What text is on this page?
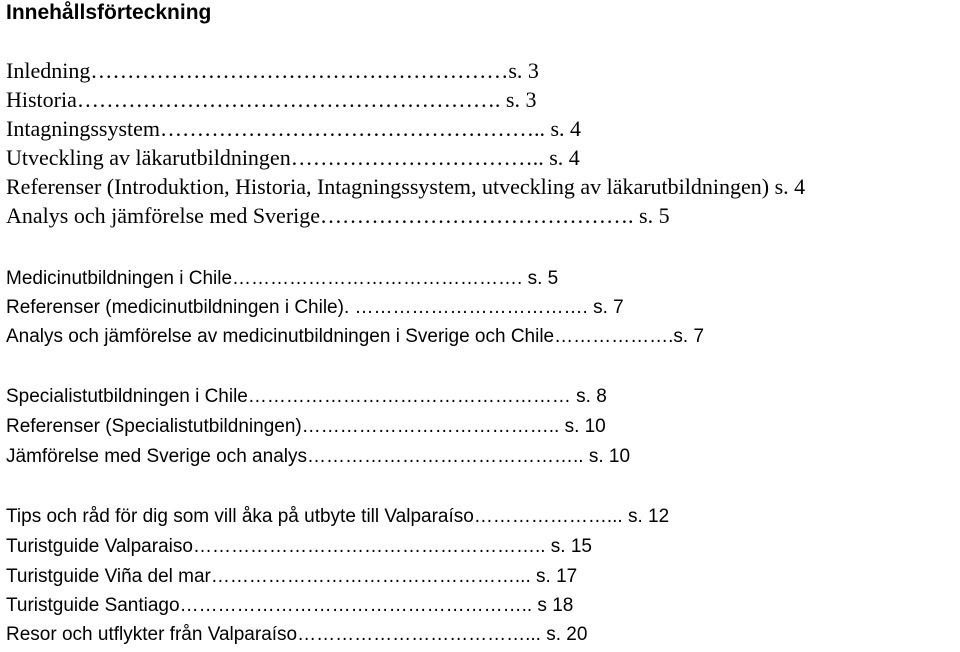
Innehållsförteckning
Inledning…………………………………………………s. 3
Historia…………………………………………………. s. 3
Intagningssystem…………………………………………….. s. 4
Utveckling av läkarutbildningen…………………………….. s. 4
Referenser (Introduktion, Historia, Intagningssystem, utveckling av läkarutbildningen) s. 4
Analys och jämförelse med Sverige……………………………………. s. 5
Medicinutbildningen i Chile………………………………………. s. 5
Referenser (medicinutbildningen i Chile). ………………………………. s. 7
Analys och jämförelse av medicinutbildningen i Sverige och Chile……………….s. 7
Specialistutbildningen i Chile…………………………………………… s. 8
Referenser (Specialistutbildningen)………………………………….. s. 10
Jämförelse med Sverige och analys…………………………………….. s. 10
Tips och råd för dig som vill åka på utbyte till Valparaíso…………………... s. 12
Turistguide Valparaiso……………………………………………….. s. 15
Turistguide Viña del mar…………………………………………... s. 17
Turistguide Santiago……………………………………………….. s 18
Resor och utflykter från Valparaíso………………………………... s. 20
